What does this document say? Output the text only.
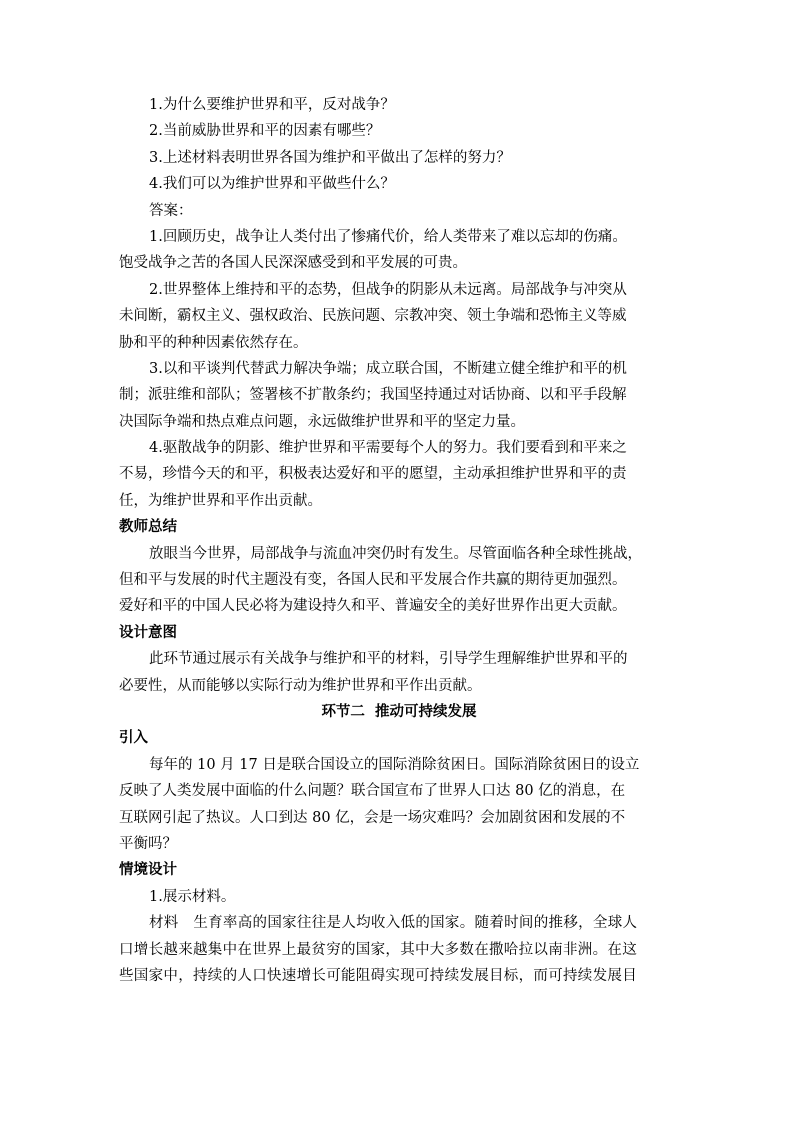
1.为什么要维护世界和平，反对战争？
2.当前威胁世界和平的因素有哪些？
3.上述材料表明世界各国为维护和平做出了怎样的努力？
4.我们可以为维护世界和平做些什么？
答案：
1.回顾历史，战争让人类付出了惨痛代价，给人类带来了难以忘却的伤痛。
饱受战争之苦的各国人民深深感受到和平发展的可贵。
2.世界整体上维持和平的态势，但战争的阴影从未远离。局部战争与冲突从
未间断，霸权主义、强权政治、民族问题、宗教冲突、领土争端和恐怖主义等威
胁和平的种种因素依然存在。
3.以和平谈判代替武力解决争端；成立联合国，不断建立健全维护和平的机
制；派驻维和部队；签署核不扩散条约；我国坚持通过对话协商、以和平手段解
决国际争端和热点难点问题，永远做维护世界和平的坚定力量。
4.驱散战争的阴影、维护世界和平需要每个人的努力。我们要看到和平来之
不易，珍惜今天的和平，积极表达爱好和平的愿望，主动承担维护世界和平的责
任，为维护世界和平作出贡献。
教师总结
放眼当今世界，局部战争与流血冲突仍时有发生。尽管面临各种全球性挑战，
但和平与发展的时代主题没有变，各国人民和平发展合作共赢的期待更加强烈。
爱好和平的中国人民必将为建设持久和平、普遍安全的美好世界作出更大贡献。
设计意图
此环节通过展示有关战争与维护和平的材料，引导学生理解维护世界和平的
必要性，从而能够以实际行动为维护世界和平作出贡献。
环节二  推动可持续发展
引入
每年的 10 月 17 日是联合国设立的国际消除贫困日。国际消除贫困日的设立
反映了人类发展中面临的什么问题？联合国宣布了世界人口达 80 亿的消息，在
互联网引起了热议。人口到达 80 亿，会是一场灾难吗？会加剧贫困和发展的不
平衡吗？
情境设计
1.展示材料。
材料   生育率高的国家往往是人均收入低的国家。随着时间的推移，全球人
口增长越来越集中在世界上最贫穷的国家，其中大多数在撒哈拉以南非洲。在这
些国家中，持续的人口快速增长可能阻碍实现可持续发展目标，而可持续发展目
